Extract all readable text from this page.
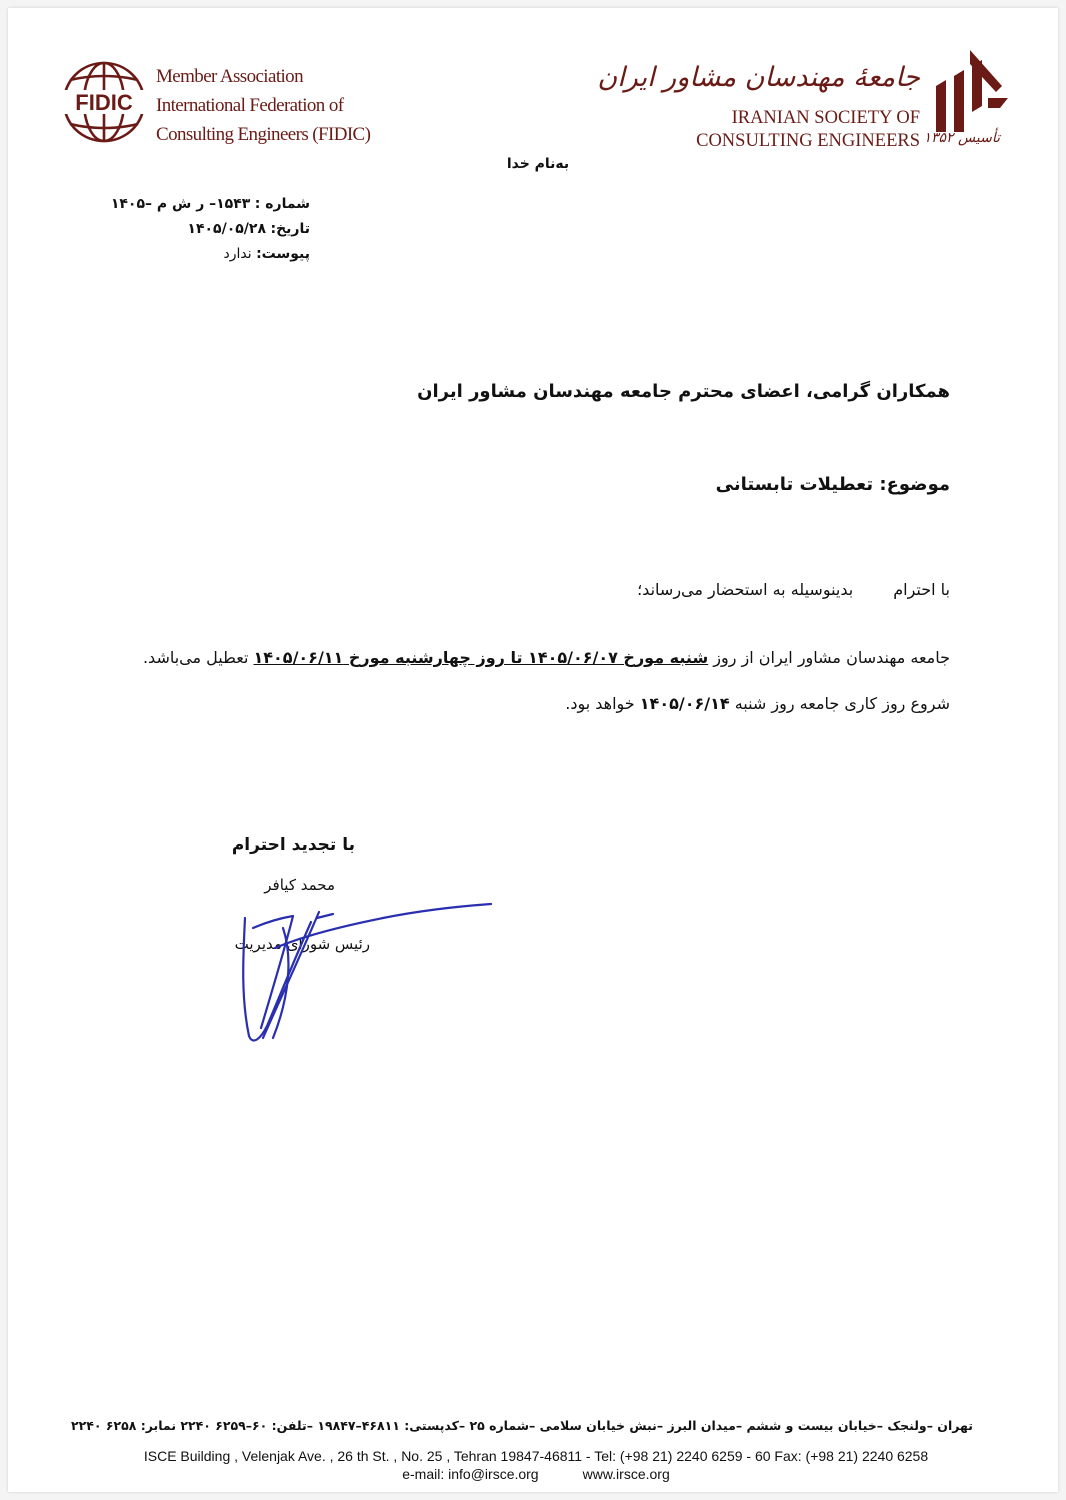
FIDIC
Member Association
International Federation of
Consulting Engineers (FIDIC)
جامعهٔ مهندسان مشاور ایران
IRANIAN SOCIETY OF
CONSULTING ENGINEERS تأسیس ۱۳۵۲
به‌نام خدا
شماره : ۱۵۴۳– ر ش م –۱۴۰۵
تاریخ: ۱۴۰۵/۰۵/۲۸
پیوست: ندارد
همکاران گرامی، اعضای محترم جامعه مهندسان مشاور ایران
موضوع: تعطیلات تابستانی
با احترامبدینوسیله به استحضار می‌رساند؛
جامعه مهندسان مشاور ایران از روز شنبه مورخ ۱۴۰۵/۰۶/۰۷ تا روز چهارشنبه مورخ ۱۴۰۵/۰۶/۱۱ تعطیل می‌باشد.
شروع روز کاری جامعه روز شنبه ۱۴۰۵/۰۶/۱۴ خواهد بود.
با تجدید احترام
محمد کیافر
رئیس شورای مدیریت
تهران –ولنجک –خیابان بیست و ششم –میدان البرز –نبش خیابان سلامی –شماره ۲۵ –کدپستی: ۴۶۸۱۱–۱۹۸۴۷ –تلفن: ۶۰–۶۲۵۹ ۲۲۴۰ نمابر: ۶۲۵۸ ۲۲۴۰
ISCE Building , Velenjak Ave. , 26 th St. , No. 25 , Tehran 19847-46811 - Tel: (+98 21) 2240 6259 - 60 Fax: (+98 21) 2240 6258
e-mail: info@irsce.org	www.irsce.org
